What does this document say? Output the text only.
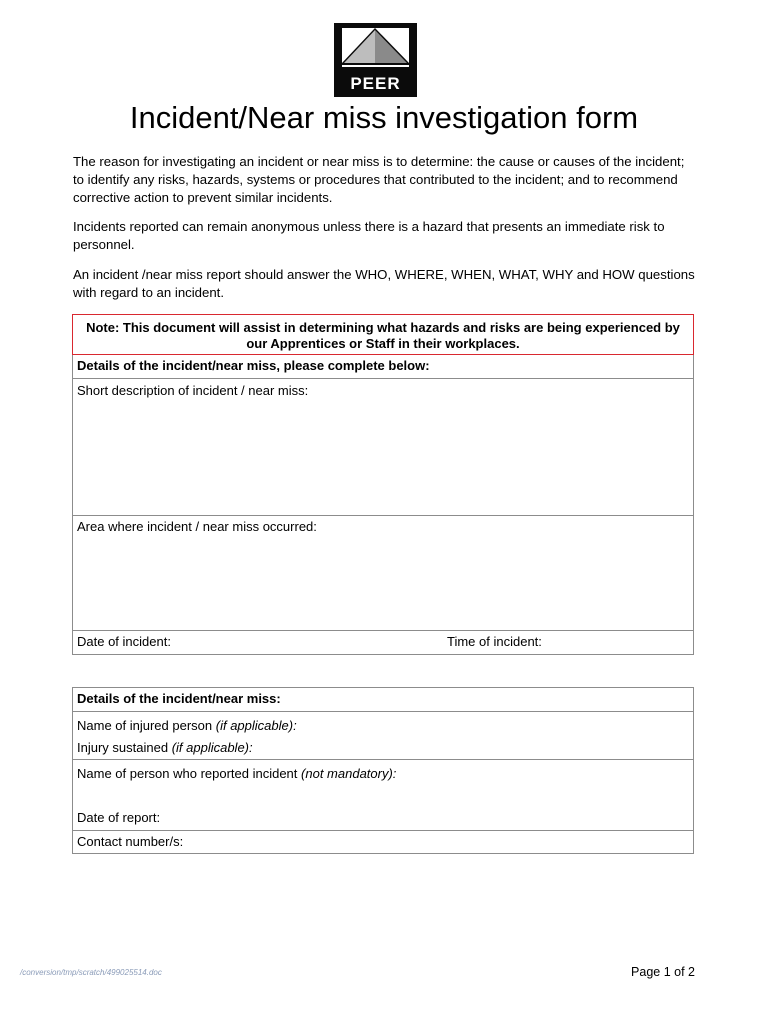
PEER
Incident/Near miss investigation form

The reason for investigating an incident or near miss is to determine: the cause or causes of the incident; to identify any risks, hazards, systems or procedures that contributed to the incident; and to recommend corrective action to prevent similar incidents.

Incidents reported can remain anonymous unless there is a hazard that presents an immediate risk to personnel.

An incident /near miss report should answer the WHO, WHERE, WHEN, WHAT, WHY and HOW questions with regard to an incident.

Note: This document will assist in determining what hazards and risks are being experienced by our Apprentices or Staff in their workplaces.
Details of the incident/near miss, please complete below:
Short description of incident / near miss:
Area where incident / near miss occurred:
Date of incident:	Time of incident:
Details of the incident/near miss:

Name of injured person (if applicable):
Injury sustained (if applicable):

Name of person who reported incident (not mandatory):
Date of report:

Contact number/s:
/conversion/tmp/scratch/499025514.doc	Page 1 of 2
